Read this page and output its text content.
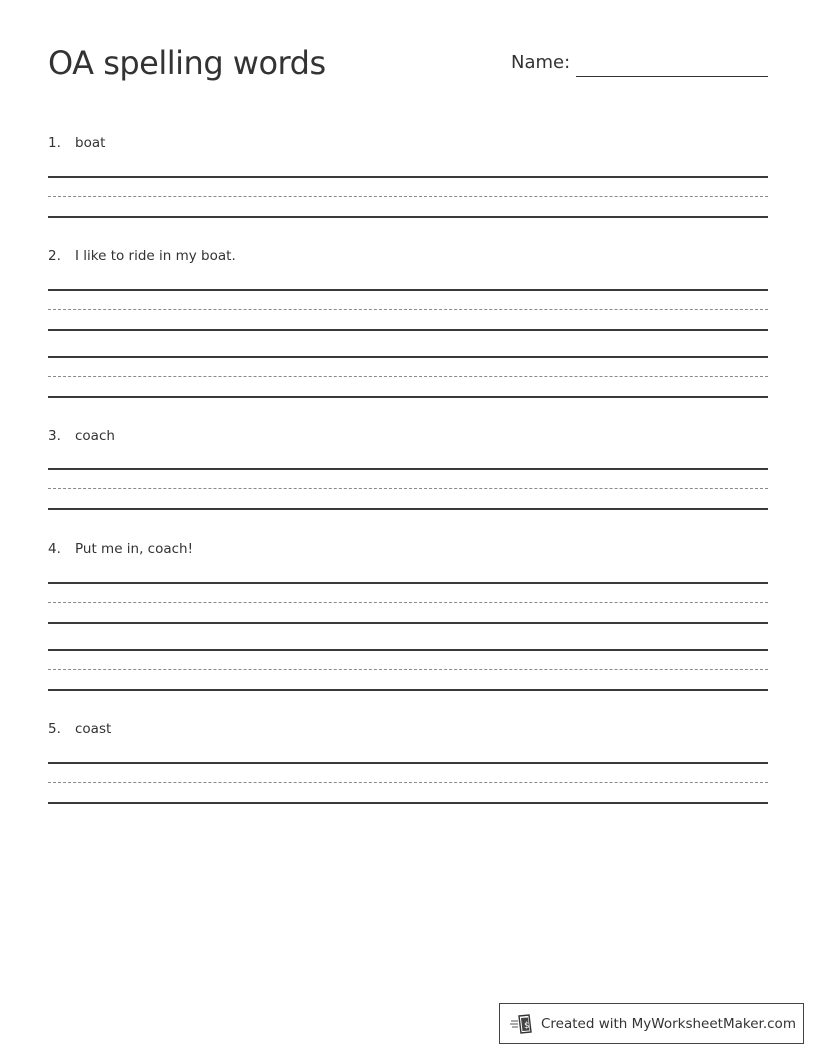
OA spelling words	Name:
1. boat
2. I like to ride in my boat.
3. coach
4. Put me in, coach!
5. coast
$ Created with MyWorksheetMaker.com
